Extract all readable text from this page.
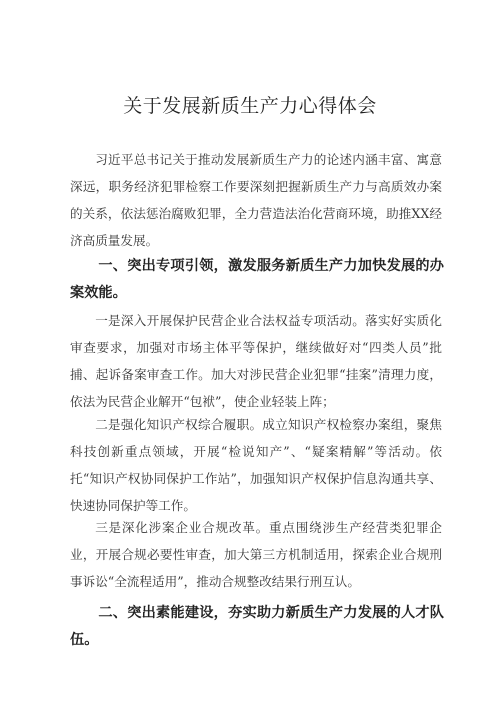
关于发展新质生产力心得体会

习近平总书记关于推动发展新质生产力的论述内涵丰富、寓意深远，职务经济犯罪检察工作要深刻把握新质生产力与高质效办案的关系，依法惩治腐败犯罪，全力营造法治化营商环境，助推XX经济高质量发展。

一、突出专项引领，激发服务新质生产力加快发展的办案效能。

一是深入开展保护民营企业合法权益专项活动。落实好实质化审查要求，加强对市场主体平等保护，继续做好对“四类人员”批捕、起诉备案审查工作。加大对涉民营企业犯罪“挂案”清理力度，依法为民营企业解开“包袱”，使企业轻装上阵；

二是强化知识产权综合履职。成立知识产权检察办案组，聚焦科技创新重点领域，开展“检说知产”、“疑案精解”等活动。依托“知识产权协同保护工作站”，加强知识产权保护信息沟通共享、快速协同保护等工作。

三是深化涉案企业合规改革。重点围绕涉生产经营类犯罪企业，开展合规必要性审查，加大第三方机制适用，探索企业合规刑事诉讼“全流程适用”，推动合规整改结果行刑互认。

二、突出素能建设，夯实助力新质生产力发展的人才队伍。
